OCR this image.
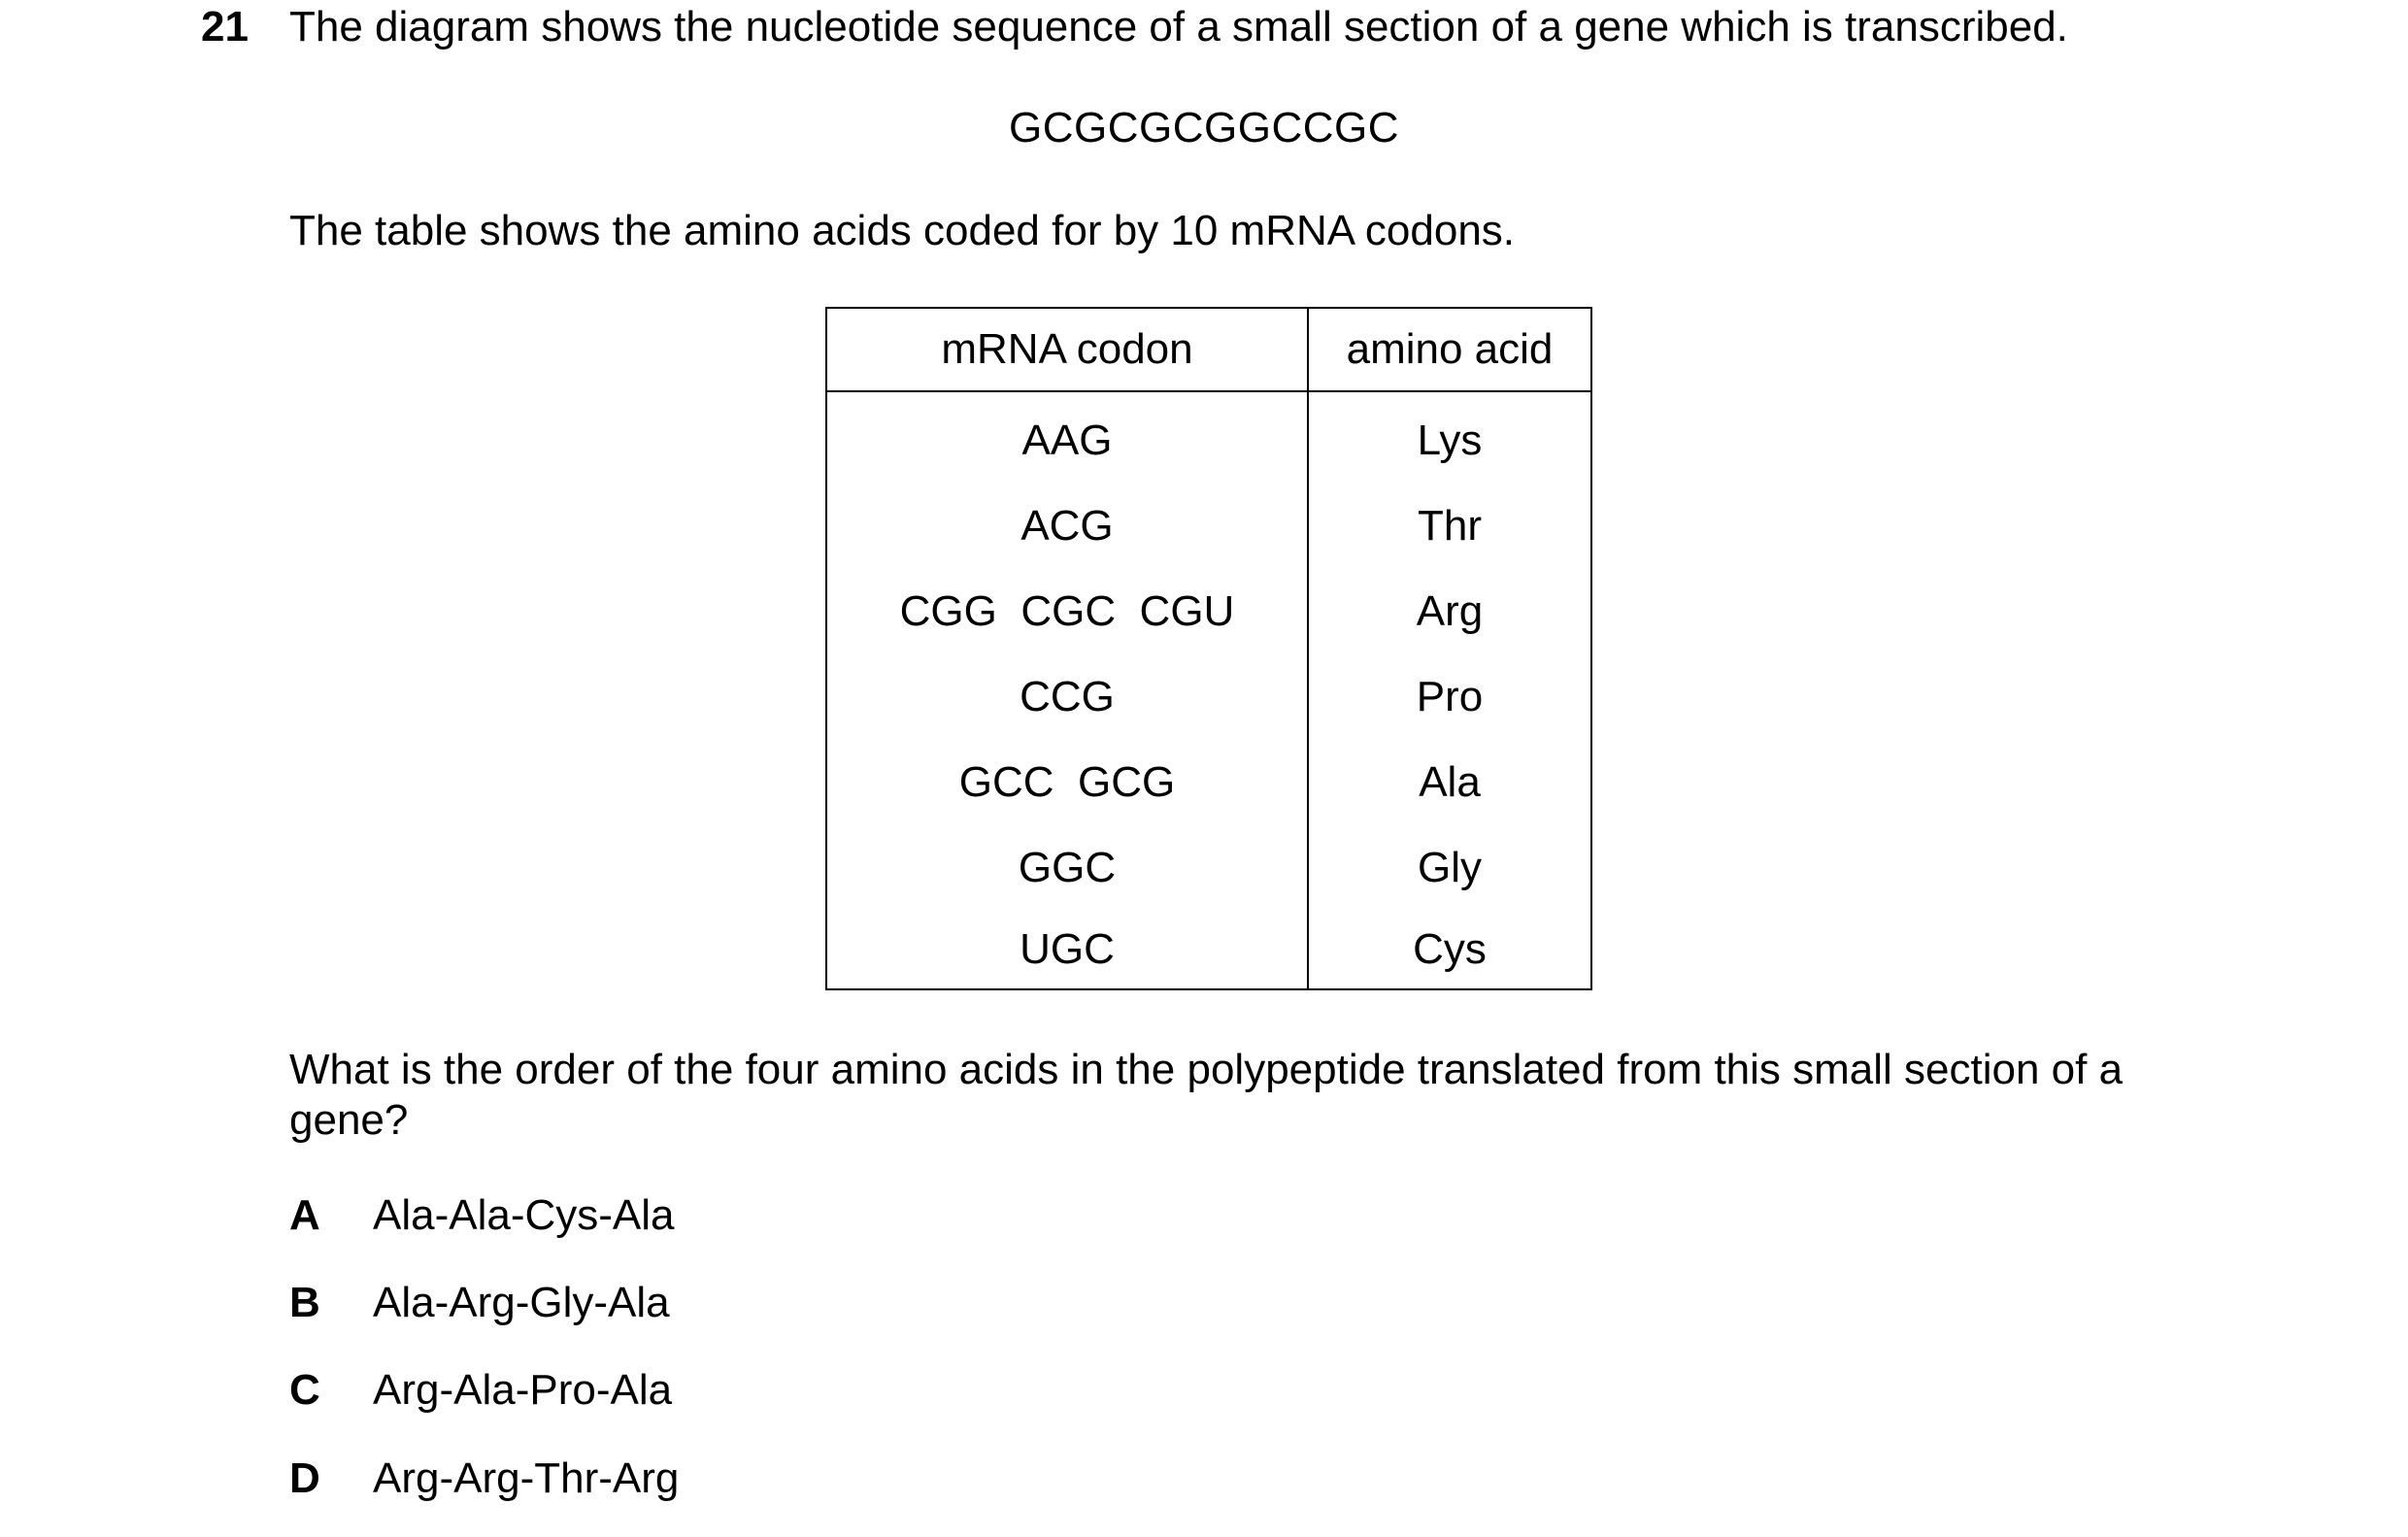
21 The diagram shows the nucleotide sequence of a small section of a gene which is transcribed.
GCGCGCGGCCGC
The table shows the amino acids coded for by 10 mRNA codons.
mRNA codon	amino acid
AAG	Lys
ACG	Thr
CGG  CGC  CGU	Arg
CCG	Pro
GCC  GCG	Ala
GGC	Gly
UGC	Cys
What is the order of the four amino acids in the polypeptide translated from this small section of a gene?
A Ala-Ala-Cys-Ala
B Ala-Arg-Gly-Ala
C Arg-Ala-Pro-Ala
D Arg-Arg-Thr-Arg
